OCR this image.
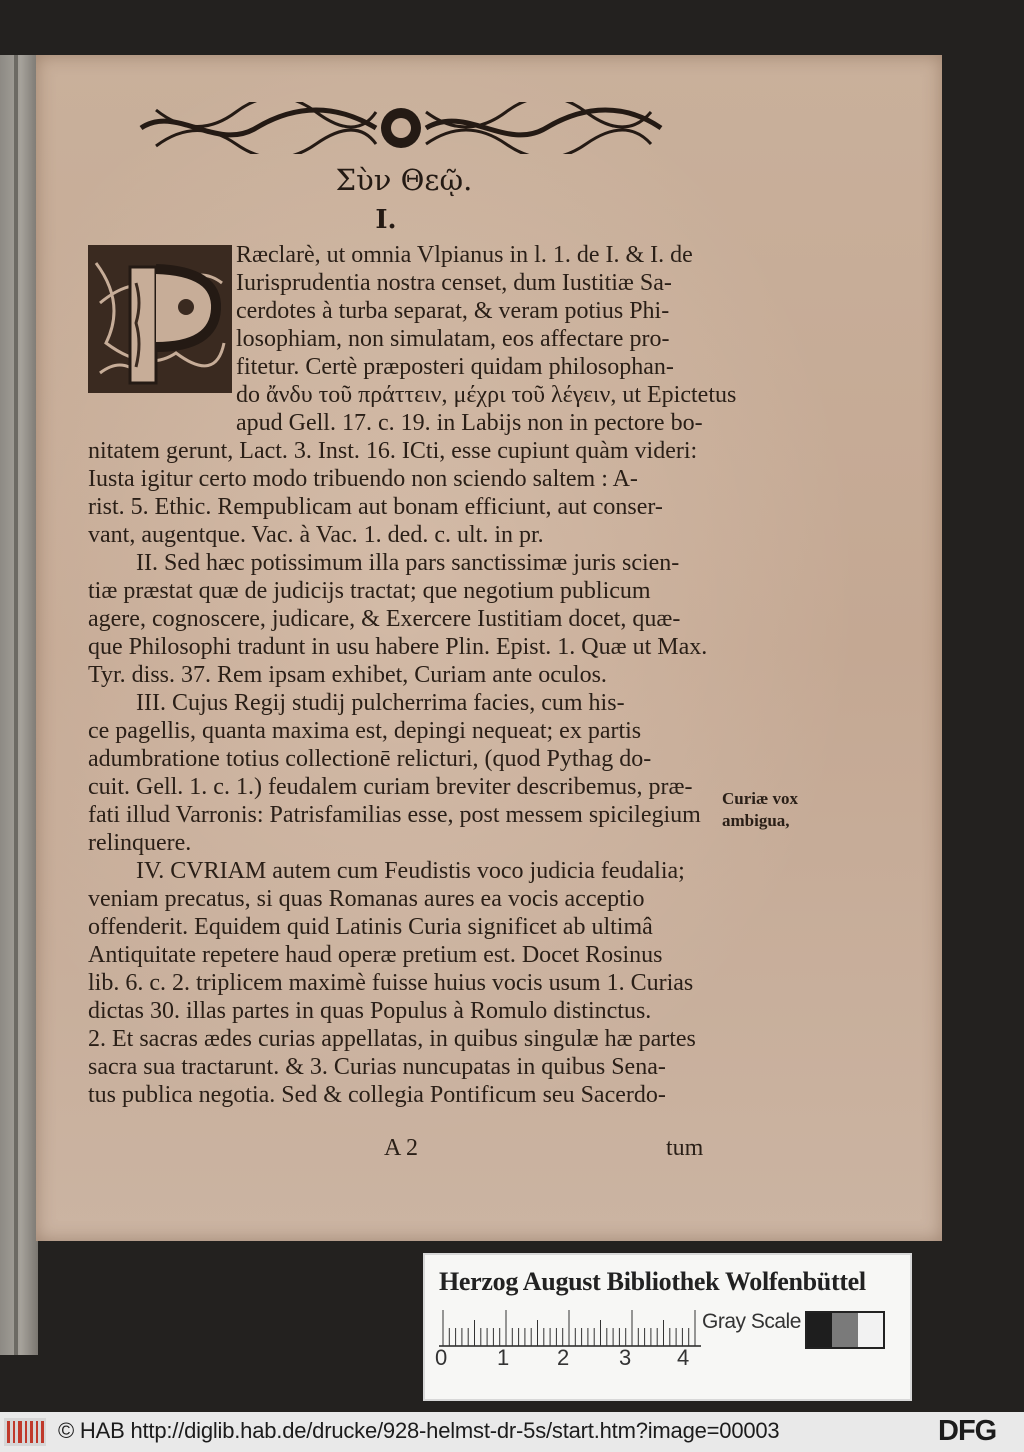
Σὺν Θεῷ.
I.
Ræclarè, ut omnia Vlpianus in l. 1. de I. & I. de
Iurisprudentia nostra censet, dum Iustitiæ Sa-
cerdotes à turba separat, & veram potius Phi-
losophiam, non simulatam, eos affectare pro-
fitetur. Certè præposteri quidam philosophan-
do ἄνδυ τοῦ πράττειν, μέχρι τοῦ λέγειν, ut Epictetus
apud Gell. 17. c. 19. in Labijs non in pectore bo-
nitatem gerunt, Lact. 3. Inst. 16. ICti, esse cupiunt quàm videri:
Iusta igitur certo modo tribuendo non sciendo saltem : A-
rist. 5. Ethic. Rempublicam aut bonam efficiunt, aut conser-
vant, augentque. Vac. à Vac. 1. ded. c. ult. in pr.
II. Sed hæc potissimum illa pars sanctissimæ juris scien-
tiæ præstat quæ de judicijs tractat; que negotium publicum
agere, cognoscere, judicare, & Exercere Iustitiam docet, quæ-
que Philosophi tradunt in usu habere Plin. Epist. 1. Quæ ut Max.
Tyr. diss. 37. Rem ipsam exhibet, Curiam ante oculos.
III. Cujus Regij studij pulcherrima facies, cum his-
ce pagellis, quanta maxima est, depingi nequeat; ex partis
adumbratione totius collectionē relicturi, (quod Pythag do-
cuit. Gell. 1. c. 1.) feudalem curiam breviter describemus, præ-
fati illud Varronis: Patrisfamilias esse, post messem spicilegium
relinquere.
IV. CVRIAM autem cum Feudistis voco judicia feudalia;
veniam precatus, si quas Romanas aures ea vocis acceptio
offenderit. Equidem quid Latinis Curia significet ab ultimâ
Antiquitate repetere haud operæ pretium est. Docet Rosinus
lib. 6. c. 2. triplicem maximè fuisse huius vocis usum 1. Curias
dictas 30. illas partes in quas Populus à Romulo distinctus.
2. Et sacras ædes curias appellatas, in quibus singulæ hæ partes
sacra sua tractarunt. & 3. Curias nuncupatas in quibus Sena-
tus publica negotia. Sed & collegia Pontificum seu Sacerdo-
A 2	tum
Curiæ vox
ambigua,
Herzog August Bibliothek Wolfenbüttel
0 1 2 3 4
Gray Scale
© HAB http://diglib.hab.de/drucke/928-helmst-dr-5s/start.htm?image=00003	DFG
